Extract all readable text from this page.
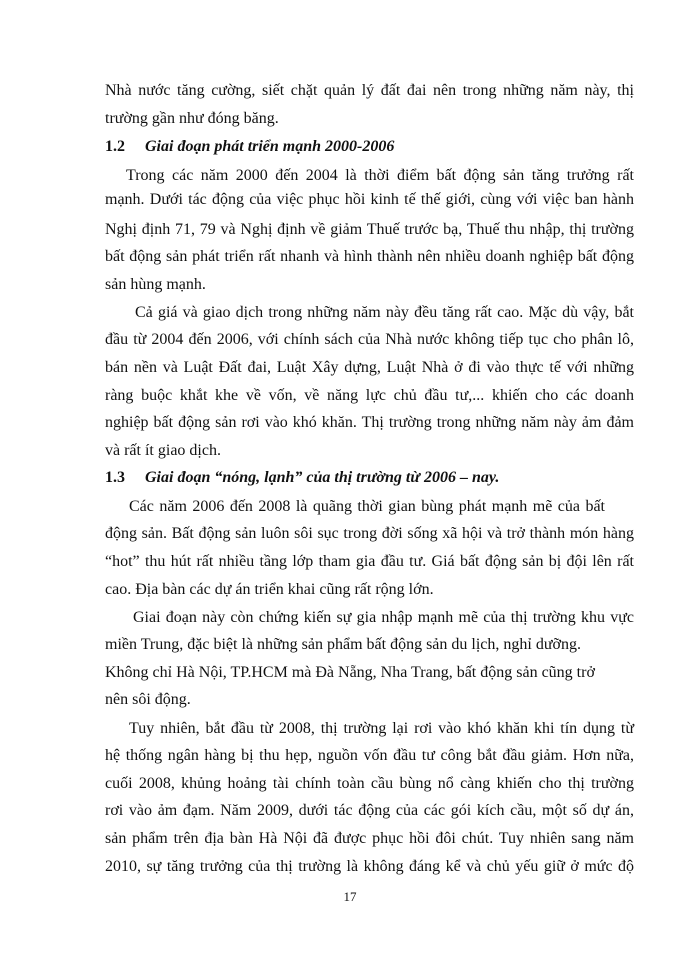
Nhà nước tăng cường, siết chặt quản lý đất đai nên trong những năm này, thị
trường gần như đóng băng.
1.2 Giai đoạn phát triển mạnh 2000-2006
Trong các năm 2000 đến 2004 là thời điểm bất động sản tăng trưởng rất
mạnh. Dưới tác động của việc phục hồi kinh tế thế giới, cùng với việc ban hành
Nghị định 71, 79 và Nghị định về giảm Thuế trước bạ, Thuế thu nhập, thị trường
bất động sản phát triển rất nhanh và hình thành nên nhiều doanh nghiệp bất động
sản hùng mạnh.
Cả giá và giao dịch trong những năm này đều tăng rất cao. Mặc dù vậy, bắt
đầu từ 2004 đến 2006, với chính sách của Nhà nước không tiếp tục cho phân lô,
bán nền và Luật Đất đai, Luật Xây dựng, Luật Nhà ở đi vào thực tế với những
ràng buộc khắt khe về vốn, về năng lực chủ đầu tư,... khiến cho các doanh
nghiệp bất động sản rơi vào khó khăn. Thị trường trong những năm này ảm đảm
và rất ít giao dịch.
1.3 Giai đoạn “nóng, lạnh” của thị trường từ 2006 – nay.
Các năm 2006 đến 2008 là quãng thời gian bùng phát mạnh mẽ của bất
động sản. Bất động sản luôn sôi sục trong đời sống xã hội và trở thành món hàng
“hot” thu hút rất nhiều tầng lớp tham gia đầu tư. Giá bất động sản bị đội lên rất
cao. Địa bàn các dự án triển khai cũng rất rộng lớn.
Giai đoạn này còn chứng kiến sự gia nhập mạnh mẽ của thị trường khu vực
miền Trung, đặc biệt là những sản phẩm bất động sản du lịch, nghỉ dưỡng.
Không chỉ Hà Nội, TP.HCM mà Đà Nẵng, Nha Trang, bất động sản cũng trở
nên sôi động.
Tuy nhiên, bắt đầu từ 2008, thị trường lại rơi vào khó khăn khi tín dụng từ
hệ thống ngân hàng bị thu hẹp, nguồn vốn đầu tư công bắt đầu giảm. Hơn nữa,
cuối 2008, khủng hoảng tài chính toàn cầu bùng nổ càng khiến cho thị trường
rơi vào ảm đạm. Năm 2009, dưới tác động của các gói kích cầu, một số dự án,
sản phẩm trên địa bàn Hà Nội đã được phục hồi đôi chút. Tuy nhiên sang năm
2010, sự tăng trưởng của thị trường là không đáng kể và chủ yếu giữ ở mức độ
17
